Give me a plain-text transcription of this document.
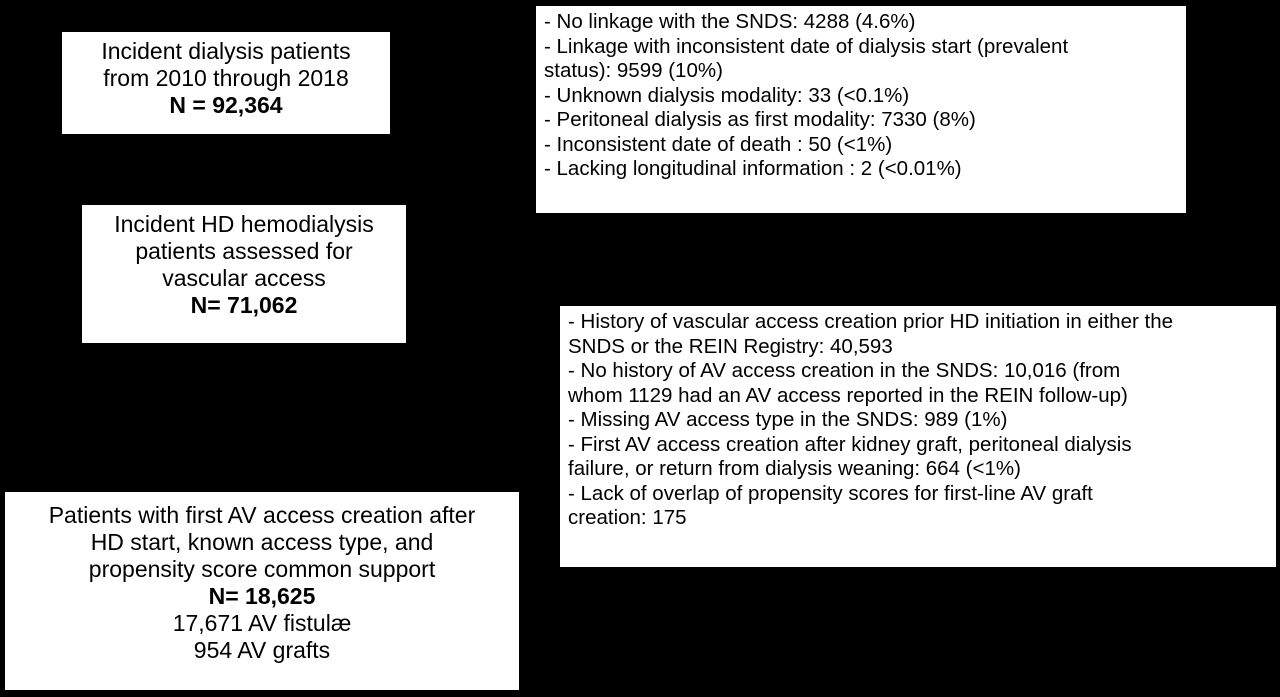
Incident dialysis patients
from 2010 through 2018
N = 92,364
Incident HD hemodialysis
patients assessed for
vascular access
N= 71,062
Patients with first AV access creation after
HD start, known access type, and
propensity score common support
N= 18,625
17,671 AV fistulæ
954 AV grafts
- No linkage with the SNDS: 4288 (4.6%)
- Linkage with inconsistent date of dialysis start (prevalent
status): 9599 (10%)
- Unknown dialysis modality: 33 (<0.1%)
- Peritoneal dialysis as first modality: 7330 (8%)
- Inconsistent date of death : 50 (<1%)
- Lacking longitudinal information : 2 (<0.01%)
- History of vascular access creation prior HD initiation in either the
SNDS or the REIN Registry: 40,593
- No history of AV access creation in the SNDS: 10,016 (from
whom 1129 had an AV access reported in the REIN follow-up)
- Missing AV access type in the SNDS: 989 (1%)
- First AV access creation after kidney graft, peritoneal dialysis
failure, or return from dialysis weaning: 664 (<1%)
- Lack of overlap of propensity scores for first-line AV graft
creation: 175
